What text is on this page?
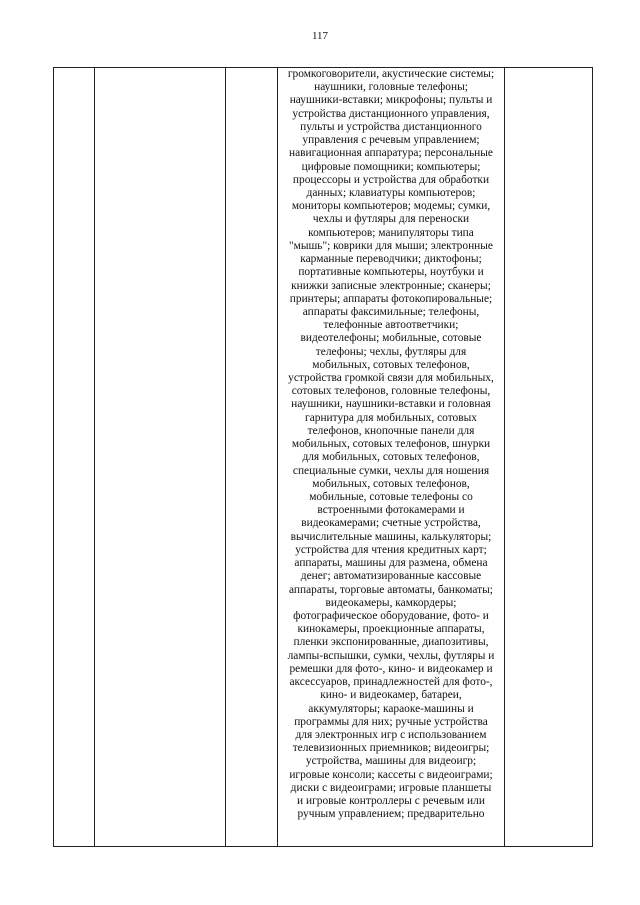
117

громкоговорители, акустические системы;
наушники, головные телефоны;
наушники-вставки; микрофоны; пульты и
устройства дистанционного управления,
пульты и устройства дистанционного
управления с речевым управлением;
навигационная аппаратура; персональные
цифровые помощники; компьютеры;
процессоры и устройства для обработки
данных; клавиатуры компьютеров;
мониторы компьютеров; модемы; сумки,
чехлы и футляры для переноски
компьютеров; манипуляторы типа
"мышь"; коврики для мыши; электронные
карманные переводчики; диктофоны;
портативные компьютеры, ноутбуки и
книжки записные электронные; сканеры;
принтеры; аппараты фотокопировальные;
аппараты факсимильные; телефоны,
телефонные автоответчики;
видеотелефоны; мобильные, сотовые
телефоны; чехлы, футляры для
мобильных, сотовых телефонов,
устройства громкой связи для мобильных,
сотовых телефонов, головные телефоны,
наушники, наушники-вставки и головная
гарнитура для мобильных, сотовых
телефонов, кнопочные панели для
мобильных, сотовых телефонов, шнурки
для мобильных, сотовых телефонов,
специальные сумки, чехлы для ношения
мобильных, сотовых телефонов,
мобильные, сотовые телефоны со
встроенными фотокамерами и
видеокамерами; счетные устройства,
вычислительные машины, калькуляторы;
устройства для чтения кредитных карт;
аппараты, машины для размена, обмена
денег; автоматизированные кассовые
аппараты, торговые автоматы, банкоматы;
видеокамеры, камкордеры;
фотографическое оборудование, фото- и
кинокамеры, проекционные аппараты,
пленки экспонированные, диапозитивы,
лампы-вспышки, сумки, чехлы, футляры и
ремешки для фото-, кино- и видеокамер и
аксессуаров, принадлежностей для фото-,
кино- и видеокамер, батареи,
аккумуляторы; караоке-машины и
программы для них; ручные устройства
для электронных игр с использованием
телевизионных приемников; видеоигры;
устройства, машины для видеоигр;
игровые консоли; кассеты с видеоиграми;
диски с видеоиграми; игровые планшеты
и игровые контроллеры с речевым или
ручным управлением; предварительно
